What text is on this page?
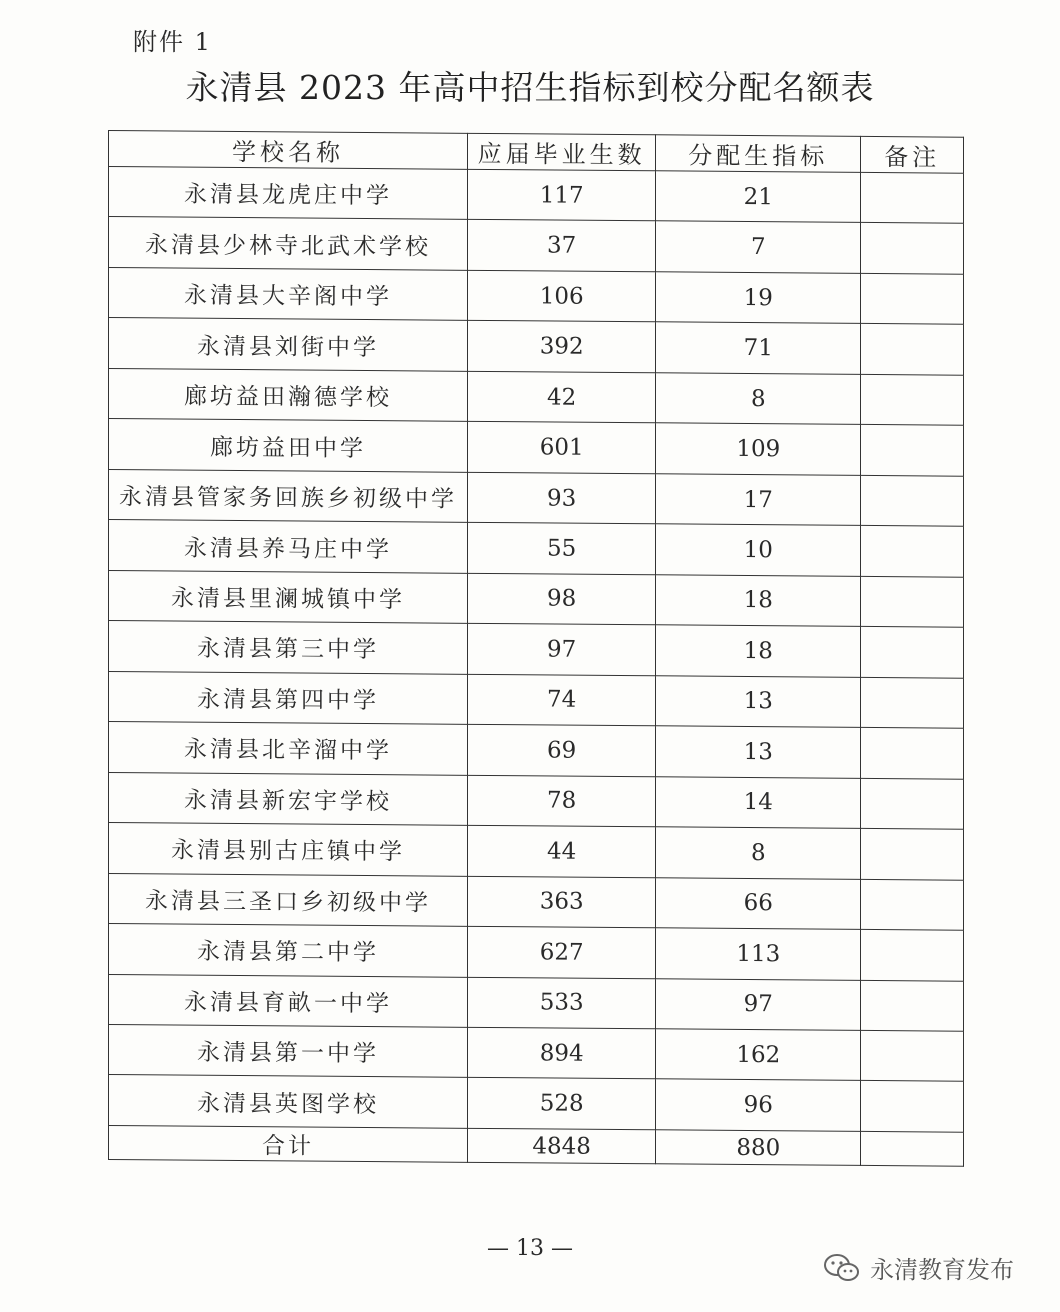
附件 1
永清县 2023 年高中招生指标到校分配名额表
学校名称	应届毕业生数	分配生指标	备注
永清县龙虎庄中学	117	21	
永清县少林寺北武术学校	37	7	
永清县大辛阁中学	106	19	
永清县刘街中学	392	71	
廊坊益田瀚德学校	42	8	
廊坊益田中学	601	109	
永清县管家务回族乡初级中学	93	17	
永清县养马庄中学	55	10	
永清县里澜城镇中学	98	18	
永清县第三中学	97	18	
永清县第四中学	74	13	
永清县北辛溜中学	69	13	
永清县新宏宇学校	78	14	
永清县别古庄镇中学	44	8	
永清县三圣口乡初级中学	363	66	
永清县第二中学	627	113	
永清县育畝一中学	533	97	
永清县第一中学	894	162	
永清县英图学校	528	96	
合计	4848	880	
— 13 —
永清教育发布
